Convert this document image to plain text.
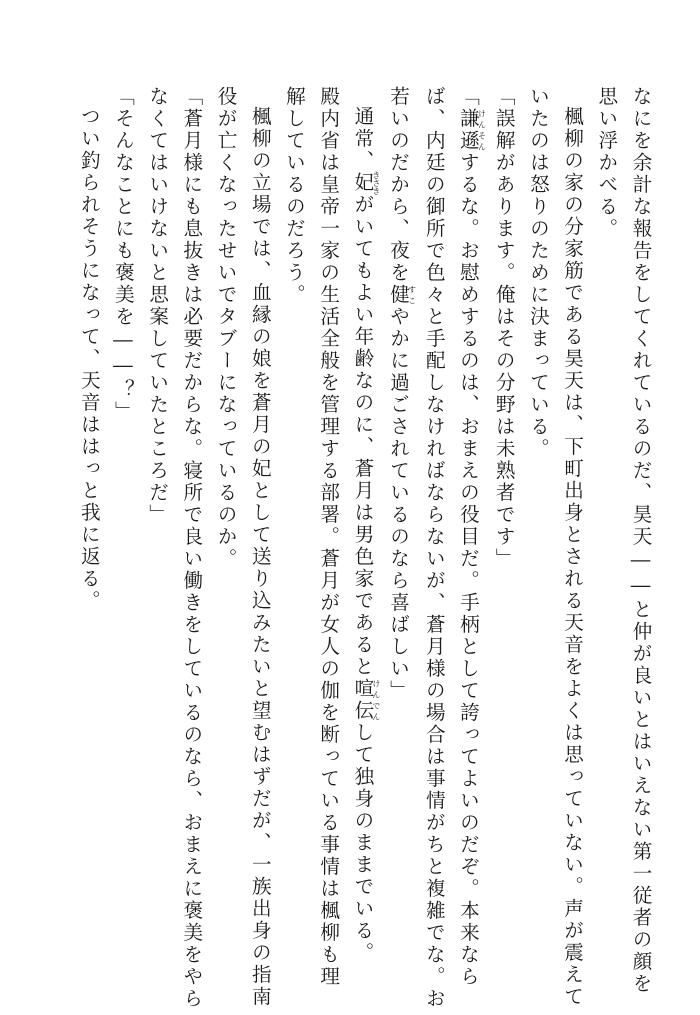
なにを余計な報告をしてくれているのだ、昊天――と仲が良いとはいえない第一従者の顔を
思い浮かべる。
楓柳の家の分家筋である昊天は、下町出身とされる天音をよくは思っていない。声が震えて
いたのは怒りのために決まっている。
「誤解があります。俺はその分野は未熟者です」
「謙遜けんそんするな。お慰めするのは、おまえの役目だ。手柄として誇ってよいのだぞ。本来なら
ば、内廷の御所で色々と手配しなければならないが、蒼月様の場合は事情がちと複雑でな。お
若いのだから、夜を健すこやかに過ごされているのなら喜ばしい」
通常、妃きさきがいてもよい年齢なのに、蒼月は男色家であると喧伝けんでんして独身のままでいる。
殿内省は皇帝一家の生活全般を管理する部署。蒼月が女人の伽を断っている事情は楓柳も理
解しているのだろう。
楓柳の立場では、血縁の娘を蒼月の妃として送り込みたいと望むはずだが、一族出身の指南
役が亡くなったせいでタブーになっているのか。
「蒼月様にも息抜きは必要だからな。寝所で良い働きをしているのなら、おまえに褒美をやら
なくてはいけないと思案していたところだ」
「そんなことにも褒美を――？」
つい釣られそうになって、天音ははっと我に返る。
